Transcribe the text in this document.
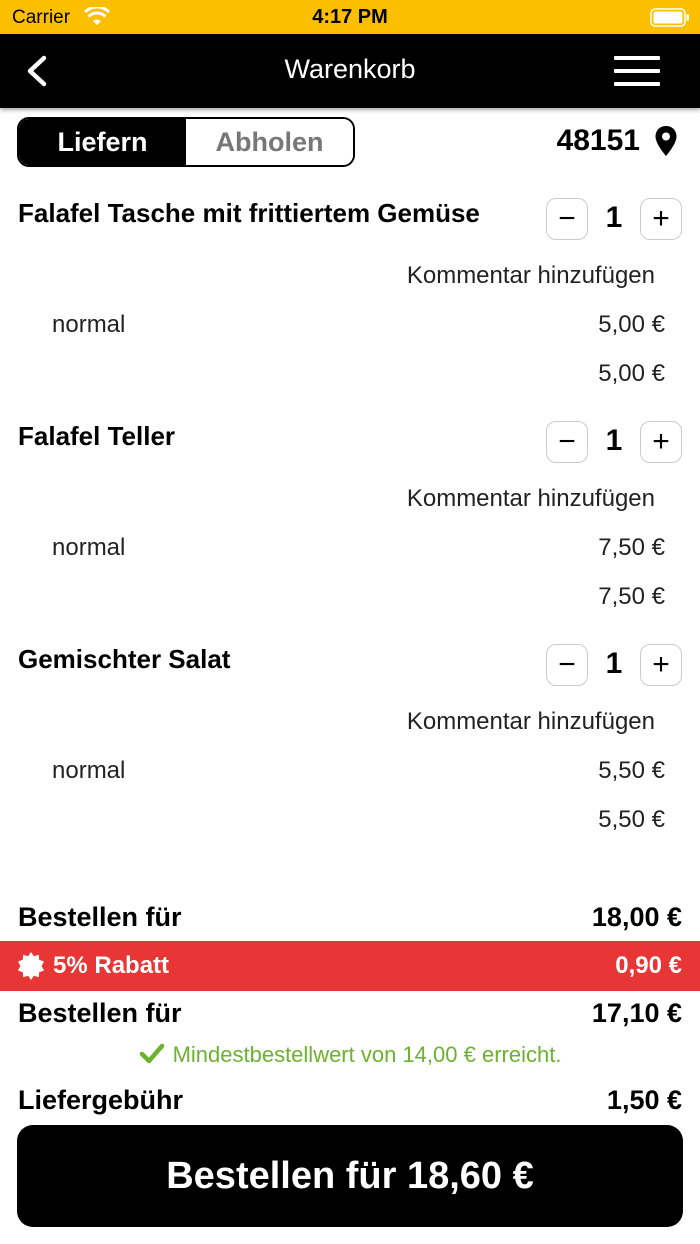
Carrier	4:17 PM
Warenkorb
Liefern	Abholen	48151
Falafel Tasche mit frittiertem Gemüse	− 1 +
Kommentar hinzufügen
normal	5,00 €
5,00 €
Falafel Teller	− 1 +
Kommentar hinzufügen
normal	7,50 €
7,50 €
Gemischter Salat	− 1 +
Kommentar hinzufügen
normal	5,50 €
5,50 €
Bestellen für	18,00 €
5% Rabatt	0,90 €
Bestellen für	17,10 €
Mindestbestellwert von 14,00 € erreicht.
Liefergebühr	1,50 €
Bestellen für 18,60 €
